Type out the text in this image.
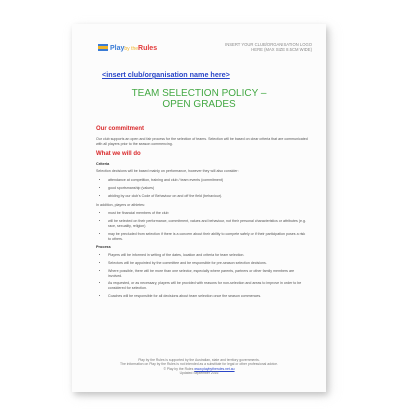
Playby theRules
INSERT YOUR CLUB/ORGANISATION LOGO HERE (MAX SIZE 8.5CM WIDE)
<insert club/organisation name here>
TEAM SELECTION POLICY –
OPEN GRADES
Our commitment

Our club supports an open and fair process for the selection of teams. Selection will be based on clear criteria that are communicated with all players prior to the season commencing.

What we will do
Criteria

Selection decisions will be based mainly on performance, however they will also consider:

• attendance at competition, training and club / team events (commitment)
• good sportsmanship (values)
• abiding by our club's Code of Behaviour on and off the field (behaviour).

In addition, players or athletes:

• must be financial members of the club
• will be selected on their performance, commitment, values and behaviour, not their personal characteristics or attributes (e.g. race, sexuality, religion)
• may be precluded from selection if there is a concern about their ability to compete safely or if their participation poses a risk to others.
Process
• Players will be informed in writing of the dates, location and criteria for team selection.
• Selectors will be appointed by the committee and be responsible for pre-season selection decisions.
• Where possible, there will be more than one selector, especially where parents, partners or other family members are involved.
• As requested, or as necessary, players will be provided with reasons for non-selection and areas to improve in order to be considered for selection.
• Coaches will be responsible for all decisions about team selection once the season commences.
Play by the Rules is supported by the Australian, state and territory governments.
The information on Play by the Rules is not intended as a substitute for legal or other professional advice.
© Play by the Rules www.playbytherules.net.au
Updated September 2016
